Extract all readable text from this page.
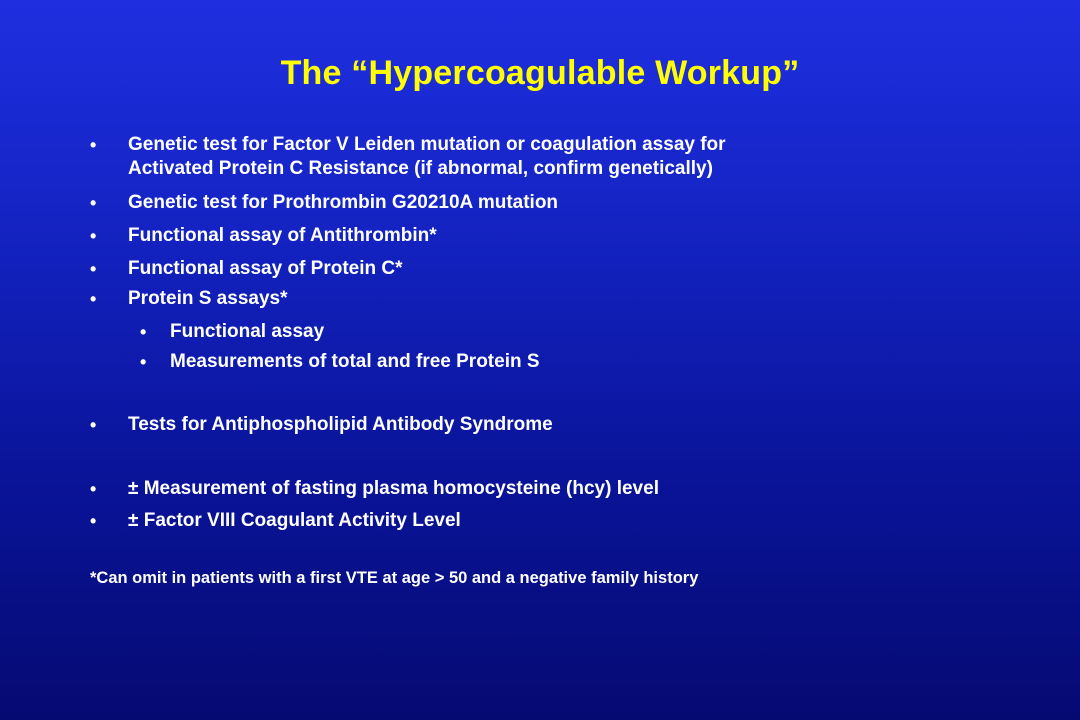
The “Hypercoagulable Workup”
• Genetic test for Factor V Leiden mutation or coagulation assay for
Activated Protein C Resistance (if abnormal, confirm genetically)
• Genetic test for Prothrombin G20210A mutation
• Functional assay of Antithrombin*
• Functional assay of Protein C*
• Protein S assays*
• Functional assay
• Measurements of total and free Protein S
• Tests for Antiphospholipid Antibody Syndrome
• ± Measurement of fasting plasma homocysteine (hcy) level
• ± Factor VIII Coagulant Activity Level
*Can omit in patients with a first VTE at age > 50 and a negative family history
